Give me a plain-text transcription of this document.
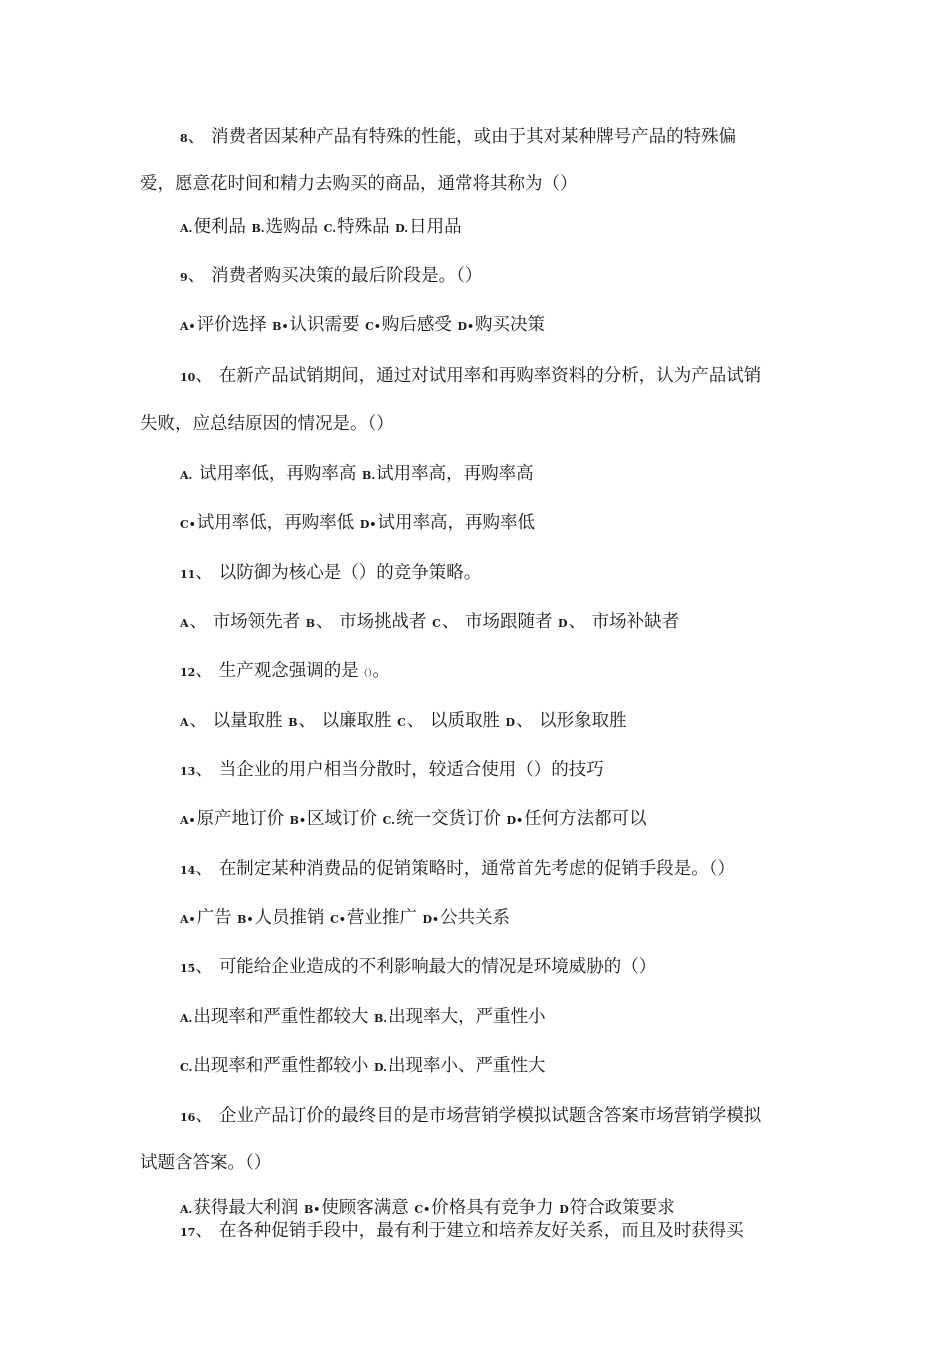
8、 消费者因某种产品有特殊的性能，或由于其对某种牌号产品的特殊偏
爱，愿意花时间和精力去购买的商品，通常将其称为（）
A.便利品 B.选购品 C.特殊品 D.日用品
9、 消费者购买决策的最后阶段是。（）
A•评价选择 B•认识需要 C•购后感受 D•购买决策
10、 在新产品试销期间，通过对试用率和再购率资料的分析，认为产品试销
失败，应总结原因的情况是。（）
A. 试用率低，再购率高 B.试用率高，再购率高
C•试用率低，再购率低 D•试用率高，再购率低
11、 以防御为核心是（）的竞争策略。
A、 市场领先者 B、 市场挑战者 C、 市场跟随者 D、 市场补缺者
12、 生产观念强调的是（）。
A、 以量取胜 B、 以廉取胜 C、 以质取胜 D、 以形象取胜
13、 当企业的用户相当分散时，较适合使用（）的技巧
A•原产地订价 B•区域订价 C.统一交货订价 D•任何方法都可以
14、 在制定某种消费品的促销策略时，通常首先考虑的促销手段是。（）
A•广告 B•人员推销 C•营业推广 D•公共关系
15、 可能给企业造成的不利影响最大的情况是环境威胁的（）
A.出现率和严重性都较大 B.出现率大，严重性小
C.出现率和严重性都较小 D.出现率小、严重性大
16、 企业产品订价的最终目的是市场营销学模拟试题含答案市场营销学模拟
试题含答案。（）
A.获得最大利润 B•使顾客满意 C•价格具有竞争力 D符合政策要求
17、 在各种促销手段中，最有利于建立和培养友好关系，而且及时获得买
